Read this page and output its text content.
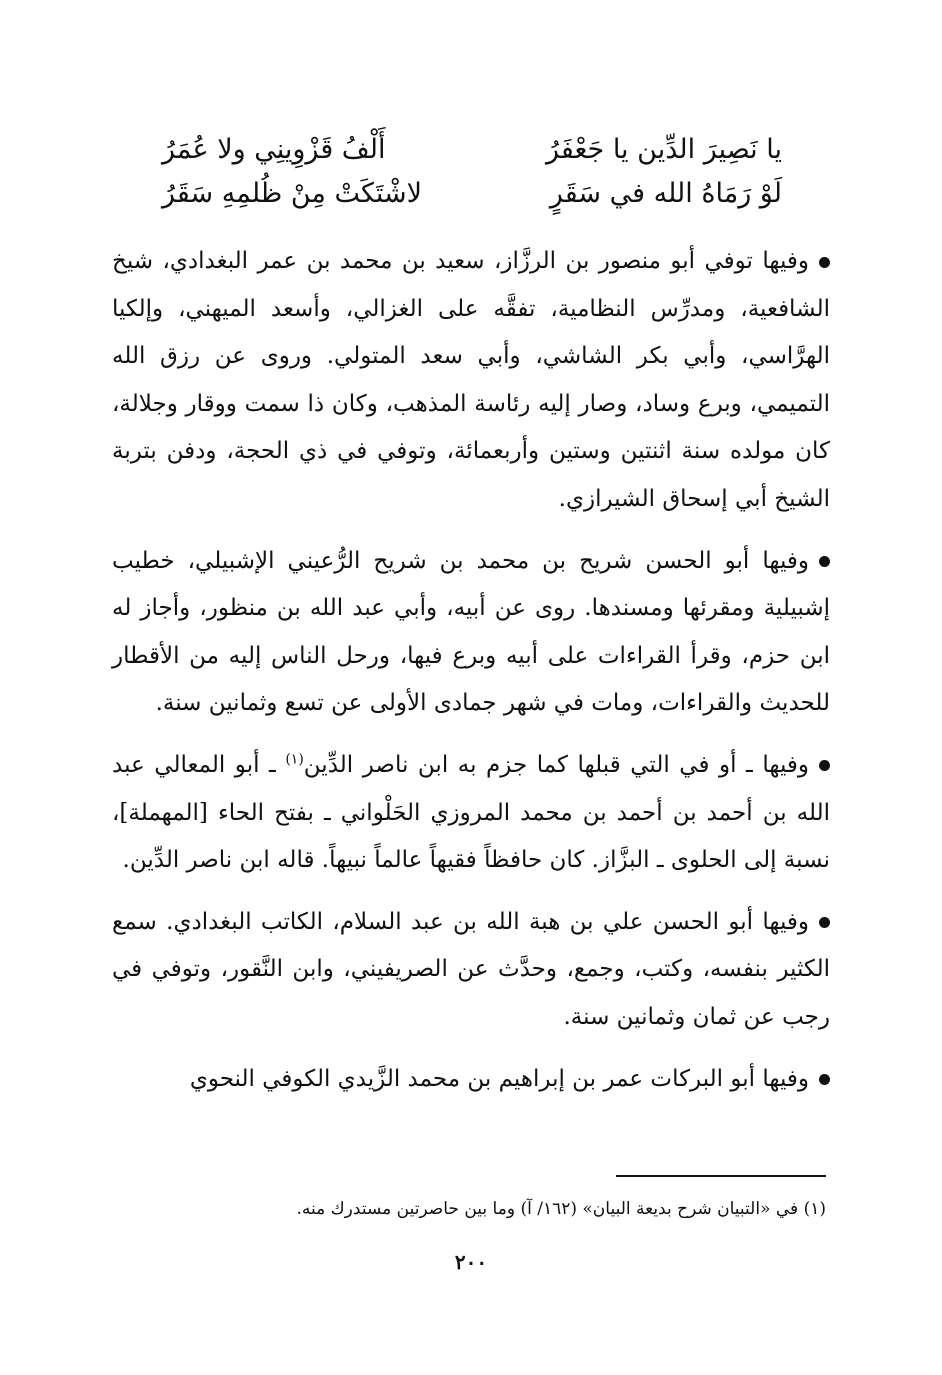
يا نَصِيرَ الدِّين يا جَعْفَرُ
أَلْفُ قَزْوِينِي ولا عُمَرُ
لَوْ رَمَاهُ الله في سَقَرٍ
لاشْتَكَتْ مِنْ ظُلمِهِ سَقَرُ

وفيها توفي أبو منصور بن الرزَّاز، سعيد بن محمد بن عمر البغدادي، شيخ الشافعية، ومدرِّس النظامية، تفقَّه على الغزالي، وأسعد الميهني، وإلكيا الهرَّاسي، وأبي بكر الشاشي، وأبي سعد المتولي. وروى عن رزق الله التميمي، وبرع وساد، وصار إليه رئاسة المذهب، وكان ذا سمت ووقار وجلالة، كان مولده سنة اثنتين وستين وأربعمائة، وتوفي في ذي الحجة، ودفن بتربة الشيخ أبي إسحاق الشيرازي.

وفيها أبو الحسن شريح بن محمد بن شريح الرُّعيني الإشبيلي، خطيب إشبيلية ومقرئها ومسندها. روى عن أبيه، وأبي عبد الله بن منظور، وأجاز له ابن حزم، وقرأ القراءات على أبيه وبرع فيها، ورحل الناس إليه من الأقطار للحديث والقراءات، ومات في شهر جمادى الأولى عن تسع وثمانين سنة.

وفيها ـ أو في التي قبلها كما جزم به ابن ناصر الدِّين$^{(١)}$ ـ أبو المعالي عبد الله بن أحمد بن أحمد بن محمد المروزي الحَلْواني ـ بفتح الحاء [المهملة]، نسبة إلى الحلوى ـ البزَّاز. كان حافظاً فقيهاً عالماً نبيهاً. قاله ابن ناصر الدِّين.

وفيها أبو الحسن علي بن هبة الله بن عبد السلام، الكاتب البغدادي. سمع الكثير بنفسه، وكتب، وجمع، وحدَّث عن الصريفيني، وابن النَّقور، وتوفي في رجب عن ثمان وثمانين سنة.

وفيها أبو البركات عمر بن إبراهيم بن محمد الزَّيدي الكوفي النحوي

(١) في «التبيان شرح بديعة البيان» (١٦٢/ آ) وما بين حاصرتين مستدرك منه.
٢٠٠
